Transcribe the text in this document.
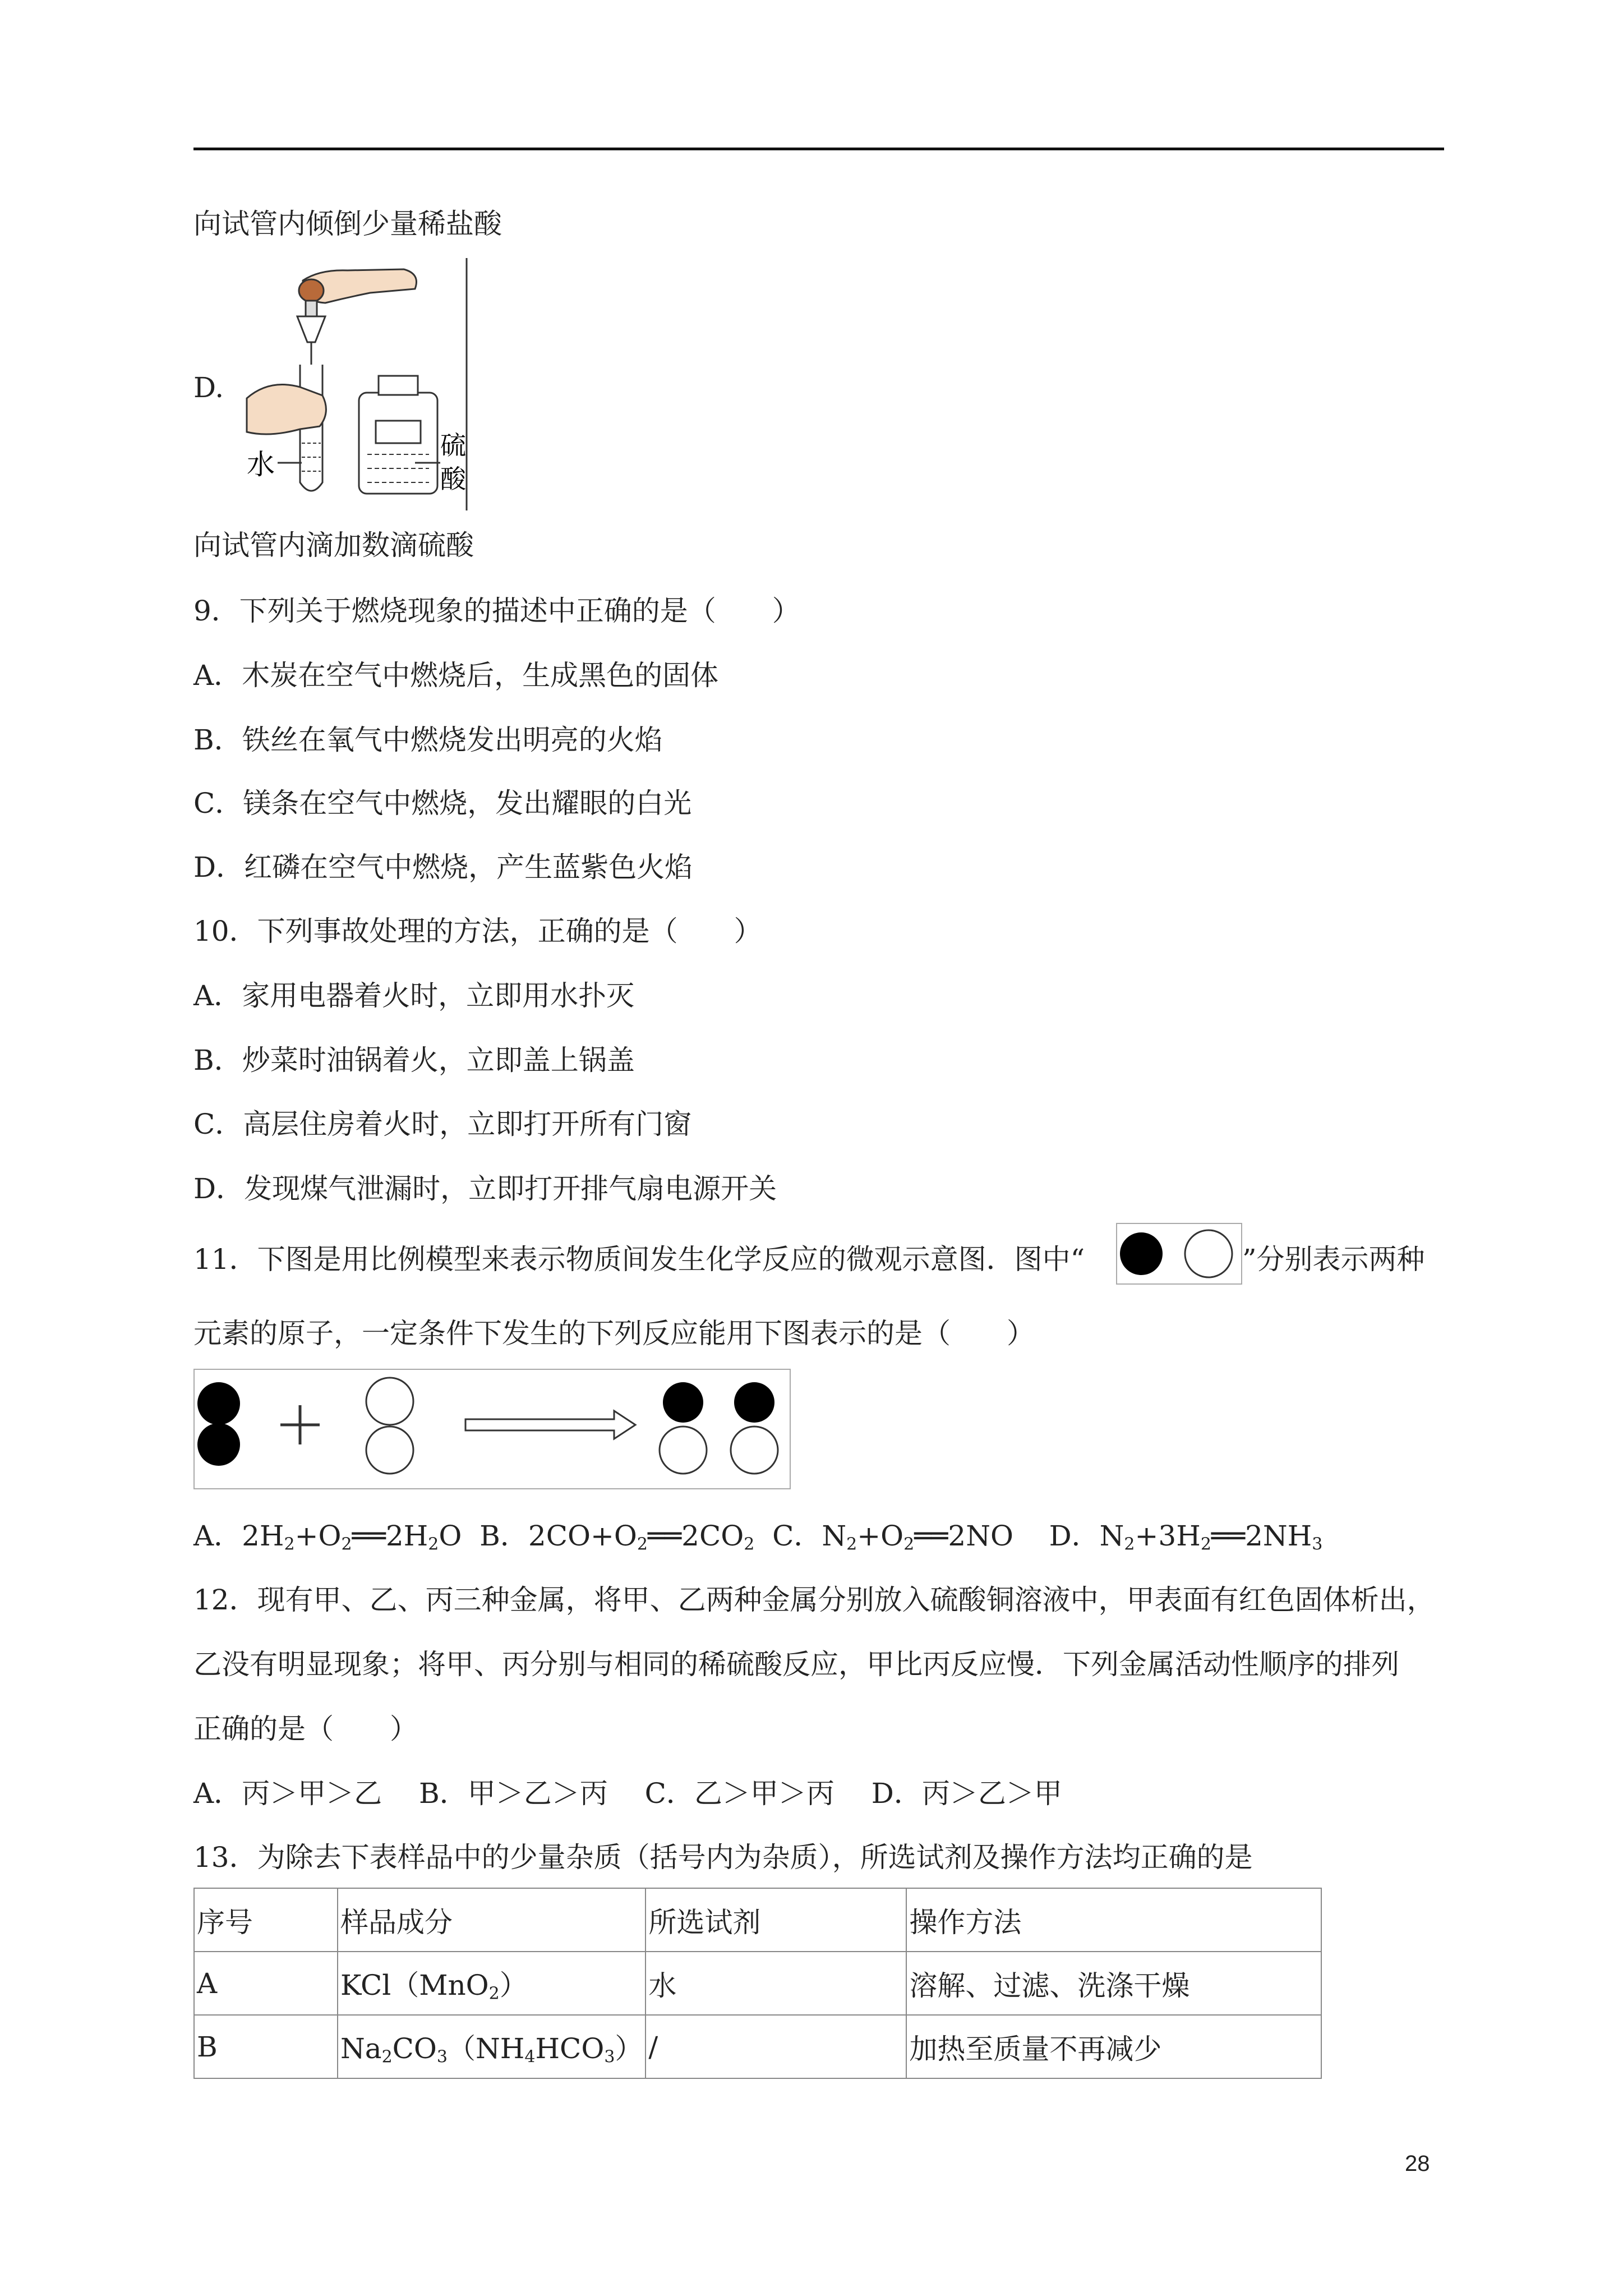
向试管内倾倒少量稀盐酸
D.
水
硫
酸
向试管内滴加数滴硫酸
9．下列关于燃烧现象的描述中正确的是（　　）
A．木炭在空气中燃烧后，生成黑色的固体
B．铁丝在氧气中燃烧发出明亮的火焰
C．镁条在空气中燃烧，发出耀眼的白光
D．红磷在空气中燃烧，产生蓝紫色火焰
10．下列事故处理的方法，正确的是（　　）
A．家用电器着火时，立即用水扑灭
B．炒菜时油锅着火，立即盖上锅盖
C．高层住房着火时，立即打开所有门窗
D．发现煤气泄漏时，立即打开排气扇电源开关
11．下图是用比例模型来表示物质间发生化学反应的微观示意图．图中“	”分别表示两种
元素的原子，一定条件下发生的下列反应能用下图表示的是（　　）
A．$2H_2+O_2══2H_2O$ B．$2CO+O_2══2CO_2$ C．$N_2+O_2══2NO$ D．$N_2+3H_2══2NH_3$
12．现有甲、乙、丙三种金属，将甲、乙两种金属分别放入硫酸铜溶液中，甲表面有红色固体析出，
乙没有明显现象；将甲、丙分别与相同的稀硫酸反应，甲比丙反应慢．下列金属活动性顺序的排列
正确的是（　　）
A．丙＞甲＞乙　 B．甲＞乙＞丙　 C．乙＞甲＞丙　 D．丙＞乙＞甲
13．为除去下表样品中的少量杂质（括号内为杂质），所选试剂及操作方法均正确的是
序号	样品成分	所选试剂	操作方法
A	KCl（MnO$_2$）	水	溶解、过滤、洗涤干燥
B	$Na_2CO_3(NH_4HCO_3)$	/	加热至质量不再减少
28
